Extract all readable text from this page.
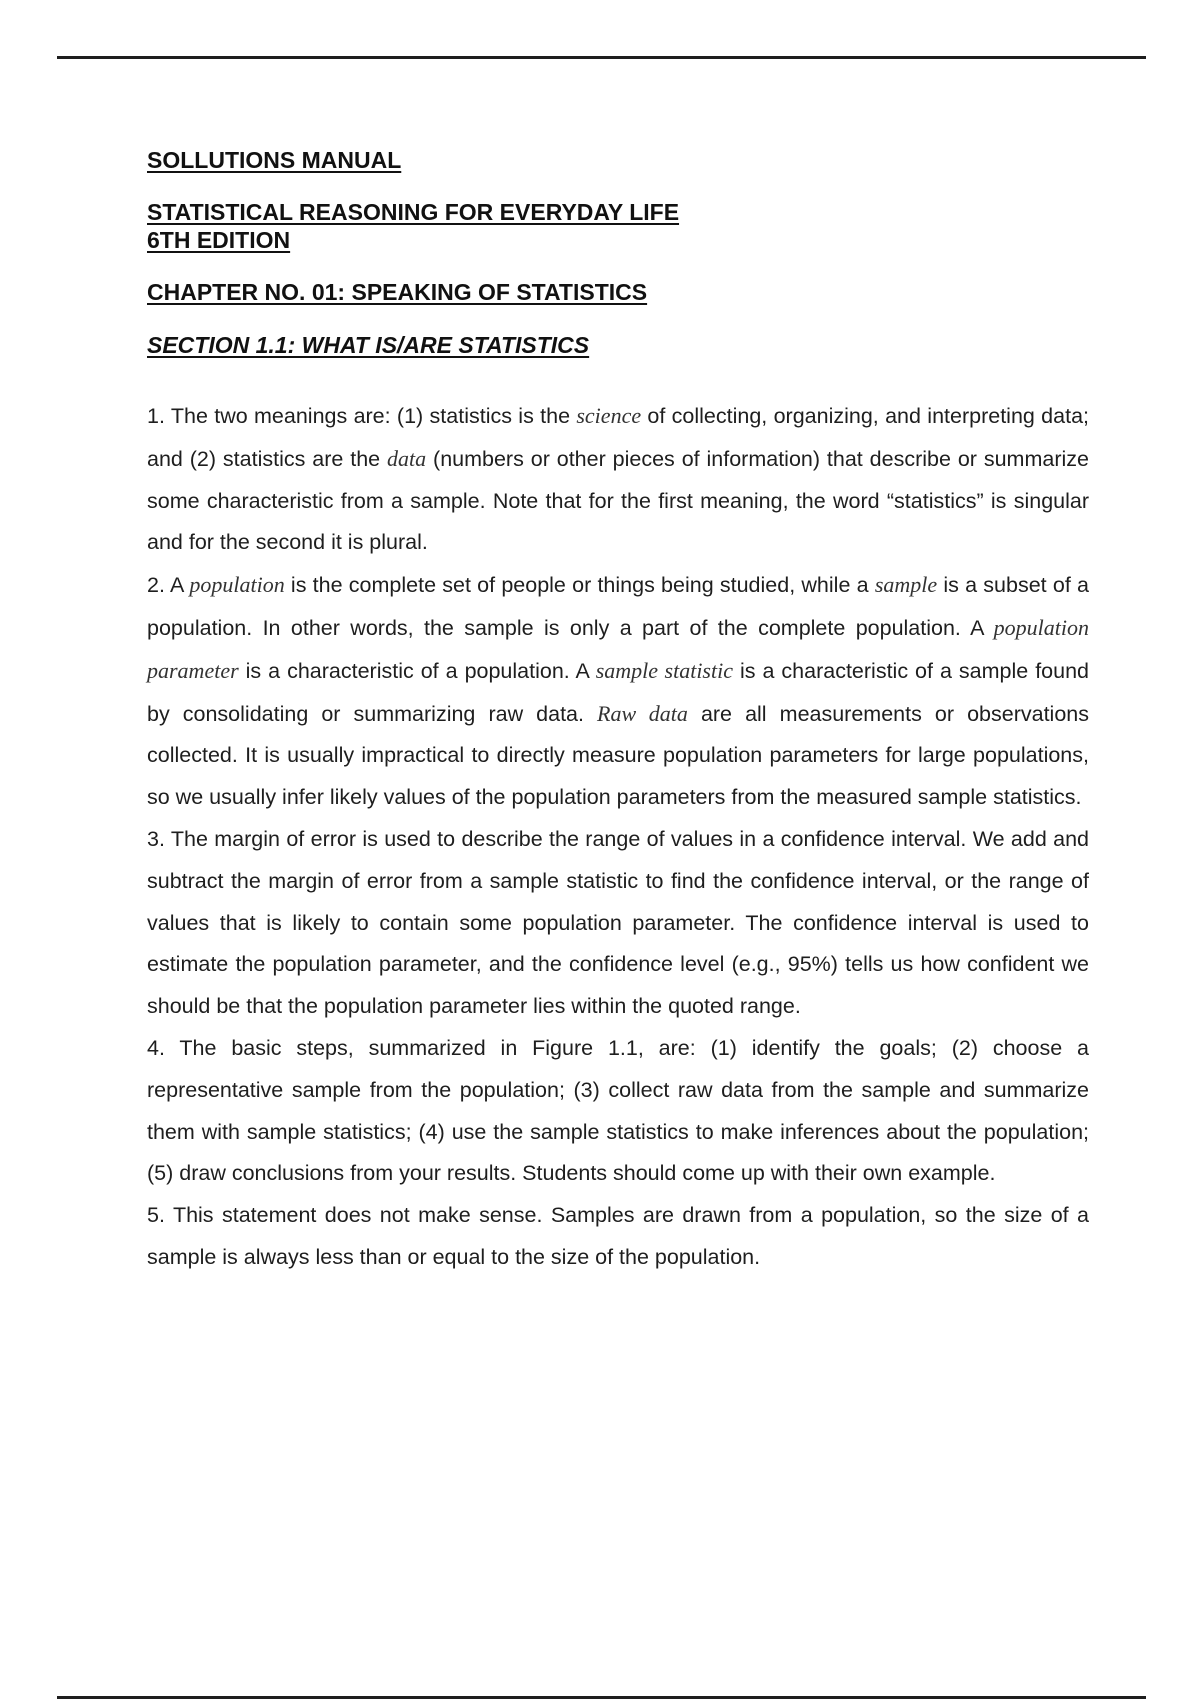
SOLLUTIONS MANUAL

STATISTICAL REASONING FOR EVERYDAY LIFE

6TH EDITION

CHAPTER NO. 01: SPEAKING OF STATISTICS

SECTION 1.1: WHAT IS/ARE STATISTICS

1. The two meanings are: (1) statistics is the science of collecting, organizing, and interpreting data; and (2) statistics are the data (numbers or other pieces of information) that describe or summarize some characteristic from a sample. Note that for the first meaning, the word “statistics” is singular and for the second it is plural.

2. A population is the complete set of people or things being studied, while a sample is a subset of a population. In other words, the sample is only a part of the complete population. A population parameter is a characteristic of a population. A sample statistic is a characteristic of a sample found by consolidating or summarizing raw data. Raw data are all measurements or observations collected. It is usually impractical to directly measure population parameters for large populations, so we usually infer likely values of the population parameters from the measured sample statistics.

3. The margin of error is used to describe the range of values in a confidence interval. We add and subtract the margin of error from a sample statistic to find the confidence interval, or the range of values that is likely to contain some population parameter. The confidence interval is used to estimate the population parameter, and the confidence level (e.g., 95%) tells us how confident we should be that the population parameter lies within the quoted range.

4. The basic steps, summarized in Figure 1.1, are: (1) identify the goals; (2) choose a representative sample from the population; (3) collect raw data from the sample and summarize them with sample statistics; (4) use the sample statistics to make inferences about the population; (5) draw conclusions from your results. Students should come up with their own example.

5. This statement does not make sense. Samples are drawn from a population, so the size of a sample is always less than or equal to the size of the population.
